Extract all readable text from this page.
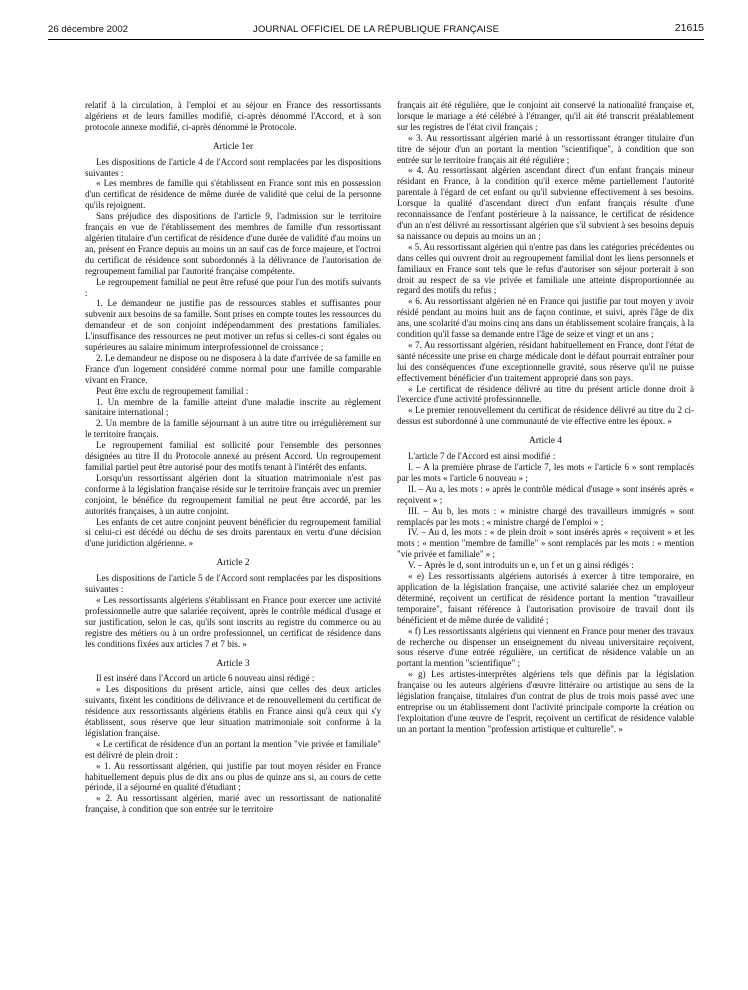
26 décembre 2002	JOURNAL OFFICIEL DE LA RÉPUBLIQUE FRANÇAISE	21615

relatif à la circulation, à l'emploi et au séjour en France des ressortissants algériens et de leurs familles modifié, ci-après dénommé l'Accord, et à son protocole annexe modifié, ci-après dénommé le Protocole.

Article 1er

Les dispositions de l'article 4 de l'Accord sont remplacées par les dispositions suivantes :

« Les membres de famille qui s'établissent en France sont mis en possession d'un certificat de résidence de même durée de validité que celui de la personne qu'ils rejoignent.

Sans préjudice des dispositions de l'article 9, l'admission sur le territoire français en vue de l'établissement des membres de famille d'un ressortissant algérien titulaire d'un certificat de résidence d'une durée de validité d'au moins un an, présent en France depuis au moins un an sauf cas de force majeure, et l'octroi du certificat de résidence sont subordonnés à la délivrance de l'autorisation de regroupement familial par l'autorité française compétente.

Le regroupement familial ne peut être refusé que pour l'un des motifs suivants :

1. Le demandeur ne justifie pas de ressources stables et suffisantes pour subvenir aux besoins de sa famille. Sont prises en compte toutes les ressources du demandeur et de son conjoint indépendamment des prestations familiales. L'insuffisance des ressources ne peut motiver un refus si celles-ci sont égales ou supérieures au salaire minimum interprofessionnel de croissance ;

2. Le demandeur ne dispose ou ne disposera à la date d'arrivée de sa famille en France d'un logement considéré comme normal pour une famille comparable vivant en France.

Peut être exclu de regroupement familial :

1. Un membre de la famille atteint d'une maladie inscrite au règlement sanitaire international ;

2. Un membre de la famille séjournant à un autre titre ou irrégulièrement sur le territoire français.

Le regroupement familial est sollicité pour l'ensemble des personnes désignées au titre II du Protocole annexé au présent Accord. Un regroupement familial partiel peut être autorisé pour des motifs tenant à l'intérêt des enfants.

Lorsqu'un ressortissant algérien dont la situation matrimoniale n'est pas conforme à la législation française réside sur le territoire français avec un premier conjoint, le bénéfice du regroupement familial ne peut être accordé, par les autorités françaises, à un autre conjoint.

Les enfants de cet autre conjoint peuvent bénéficier du regroupement familial si celui-ci est décédé ou déchu de ses droits parentaux en vertu d'une décision d'une juridiction algérienne. »

Article 2

Les dispositions de l'article 5 de l'Accord sont remplacées par les dispositions suivantes :

« Les ressortissants algériens s'établissant en France pour exercer une activité professionnelle autre que salariée reçoivent, après le contrôle médical d'usage et sur justification, selon le cas, qu'ils sont inscrits au registre du commerce ou au registre des métiers ou à un ordre professionnel, un certificat de résidence dans les conditions fixées aux articles 7 et 7 bis. »

Article 3

Il est inséré dans l'Accord un article 6 nouveau ainsi rédigé :

« Les dispositions du présent article, ainsi que celles des deux articles suivants, fixent les conditions de délivrance et de renouvellement du certificat de résidence aux ressortissants algériens établis en France ainsi qu'à ceux qui s'y établissent, sous réserve que leur situation matrimoniale soit conforme à la législation française.

« Le certificat de résidence d'un an portant la mention "vie privée et familiale" est délivré de plein droit :

« 1. Au ressortissant algérien, qui justifie par tout moyen résider en France habituellement depuis plus de dix ans ou plus de quinze ans si, au cours de cette période, il a séjourné en qualité d'étudiant ;

« 2. Au ressortissant algérien, marié avec un ressortissant de nationalité française, à condition que son entrée sur le territoire

français ait été régulière, que le conjoint ait conservé la nationalité française et, lorsque le mariage a été célébré à l'étranger, qu'il ait été transcrit préalablement sur les registres de l'état civil français ;

« 3. Au ressortissant algérien marié à un ressortissant étranger titulaire d'un titre de séjour d'un an portant la mention "scientifique", à condition que son entrée sur le territoire français ait été régulière ;

« 4. Au ressortissant algérien ascendant direct d'un enfant français mineur résidant en France, à la condition qu'il exerce même partiellement l'autorité parentale à l'égard de cet enfant ou qu'il subvienne effectivement à ses besoins. Lorsque la qualité d'ascendant direct d'un enfant français résulte d'une reconnaissance de l'enfant postérieure à la naissance, le certificat de résidence d'un an n'est délivré au ressortissant algérien que s'il subvient à ses besoins depuis sa naissance ou depuis au moins un an ;

« 5. Au ressortissant algérien qui n'entre pas dans les catégories précédentes ou dans celles qui ouvrent droit au regroupement familial dont les liens personnels et familiaux en France sont tels que le refus d'autoriser son séjour porterait à son droit au respect de sa vie privée et familiale une atteinte disproportionnée au regard des motifs du refus ;

« 6. Au ressortissant algérien né en France qui justifie par tout moyen y avoir résidé pendant au moins huit ans de façon continue, et suivi, après l'âge de dix ans, une scolarité d'au moins cinq ans dans un établissement scolaire français, à la condition qu'il fasse sa demande entre l'âge de seize et vingt et un ans ;

« 7. Au ressortissant algérien, résidant habituellement en France, dont l'état de santé nécessite une prise en charge médicale dont le défaut pourrait entraîner pour lui des conséquences d'une exceptionnelle gravité, sous réserve qu'il ne puisse effectivement bénéficier d'un traitement approprié dans son pays.

« Le certificat de résidence délivré au titre du présent article donne droit à l'exercice d'une activité professionnelle.

« Le premier renouvellement du certificat de résidence délivré au titre du 2 ci-dessus est subordonné à une communauté de vie effective entre les époux. »

Article 4

L'article 7 de l'Accord est ainsi modifié :

I. – A la première phrase de l'article 7, les mots « l'article 6 » sont remplacés par les mots « l'article 6 nouveau » ;

II. – Au a, les mots : « après le contrôle médical d'usage » sont insérés après « reçoivent » ;

III. – Au b, les mots : « ministre chargé des travailleurs immigrés » sont remplacés par les mots : « ministre chargé de l'emploi » ;

IV. – Au d, les mots : « de plein droit » sont insérés après « reçoivent » et les mots : « mention "membre de famille" » sont remplacés par les mots : « mention "vie privée et familiale" » ;

V. – Après le d, sont introduits un e, un f et un g ainsi rédigés :

« e) Les ressortissants algériens autorisés à exercer à titre temporaire, en application de la législation française, une activité salariée chez un employeur déterminé, reçoivent un certificat de résidence portant la mention "travailleur temporaire", faisant référence à l'autorisation provisoire de travail dont ils bénéficient et de même durée de validité ;

« f) Les ressortissants algériens qui viennent en France pour mener des travaux de recherche ou dispenser un enseignement du niveau universitaire reçoivent, sous réserve d'une entrée régulière, un certificat de résidence valable un an portant la mention "scientifique" ;

« g) Les artistes-interprètes algériens tels que définis par la législation française ou les auteurs algériens d'œuvre littéraire ou artistique au sens de la législation française, titulaires d'un contrat de plus de trois mois passé avec une entreprise ou un établissement dont l'activité principale comporte la création ou l'exploitation d'une œuvre de l'esprit, reçoivent un certificat de résidence valable un an portant la mention "profession artistique et culturelle". »
